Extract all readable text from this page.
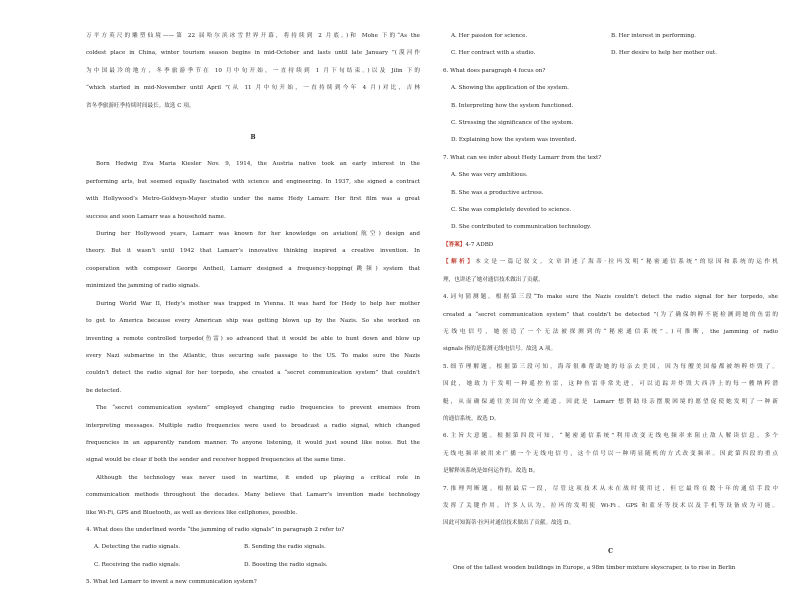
万平方英尺的雕塑仙境——第 22 届哈尔滨冰雪世界开幕，将持续到 2 月底。)和 Mohe 下的“As the
coldest place in China, winter tourism season begins in mid-October and lasts until late January ”(漠河作
为中国最冷的地方，冬季旅游季节在 10 月中旬开始，一直持续到 1 月下旬结束。)以及 Jilin 下的
“which started in mid-November until April ”(从 11 月中旬开始，一直持续到今年 4 月)对比，吉林
省冬季旅游旺季持续时间最长。故选 C 项。
B
Born Hedwig Eva Maria Kiesler Nov. 9, 1914, the Austria native took an early interest in the
performing arts, but seemed equally fascinated with science and engineering. In 1937, she signed a contract
with Hollywood’s Metro-Goldwyn-Mayer studio under the name Hedy Lamarr. Her first film was a great
success and soon Lamarr was a household name.
During her Hollywood years, Lamarr was known for her knowledge on aviation(航空) design and
theory. But it wasn’t until 1942 that Lamarr’s innovative thinking inspired a creative invention. In
cooperation with composer George Antheil, Lamarr designed a frequency-hopping(跳频) system that
minimized the jamming of radio signals.
During World War II, Hedy’s mother was trapped in Vienna. It was hard for Hedy to help her mother
to get to America because every American ship was getting blown up by the Nazis. So she worked on
inventing a remote controlled torpedo(鱼雷) so advanced that it would be able to hunt down and blow up
every Nazi submarine in the Atlantic, thus securing safe passage to the US. To make sure the Nazis
couldn’t detect the radio signal for her torpedo, she created a “secret communication system” that couldn’t
be detected.
The “secret communication system” employed changing radio frequencies to prevent enemies from
interpreting messages. Multiple radio frequencies were used to broadcast a radio signal, which changed
frequencies in an apparently random manner. To anyone listening, it would just sound like noise. But the
signal would be clear if both the sender and receiver hopped frequencies at the same time.
Although the technology was never used in wartime, it ended up playing a critical role in
communication methods throughout the decades. Many believe that Lamarr’s invention made technology
like Wi-Fi, GPS and Bluetooth, as well as devices like cellphones, possible.
4. What does the underlined words “the jamming of radio signals” in paragraph 2 refer to?
A. Detecting the radio signals.	B. Sending the radio signals.
C. Receiving the radio signals.	D. Boosting the radio signals.
5. What led Lamarr to invent a new communication system?
A. Her passion for science.	B. Her interest in performing.
C. Her contract with a studio.	D. Her desire to help her mother out.
6. What does paragraph 4 focus on?
A. Showing the application of the system.
B. Interpreting how the system functioned.
C. Stressing the significance of the system.
D. Explaining how the system was invented.
7. What can we infer about Hedy Lamarr from the text?
A. She was very ambitious.
B. She was a productive actress.
C. She was completely devoted to science.
D. She contributed to communication technology.
【答案】4-7 ADBD
【解析】本文是一篇记叙文。文章讲述了海蒂·拉玛发明“秘密通信系统”的原因和系统的运作机
理，也讲述了她对通信技术做出了贡献。
4.词句猜测题。根据第三段“To make sure the Nazis couldn’t detect the radio signal for her torpedo, she
created a “secret communication system” that couldn’t be detected ”(为了确保纳粹不能检测到她的鱼雷的
无线电信号，她创造了一个无法被探测到的“秘密通信系统”。)可推断，the jamming of radio
signals 指的是监测无线电信号。故选 A 项。
5.细节理解题。根据第三段可知，海蒂很难帮助她的母亲去美国，因为每艘美国船都被纳粹炸毁了。
因此，她致力于发明一种遥控鱼雷，这种鱼雷非常先进，可以追踪并炸毁大西洋上的每一艘纳粹潜
艇，从而确保通往美国的安全通道。因此是 Lamarr 想帮助母亲摆脱困境的愿望促使她发明了一种新
的通信系统。故选 D。
6.主旨大意题。根据第四段可知，“秘密通信系统”利用改变无线电频率来阻止敌人解读信息。多个
无线电频率被用来广播一个无线电信号，这个信号以一种明显随机的方式改变频率。因此第四段的重点
是解释该系统是如何运作的。故选 B。
7.推理判断题。根据最后一段，尽管这项技术从未在战时使用过，但它最终在数十年的通信手段中
发挥了关键作用。许多人认为，拉玛的发明使 Wi-Fi、GPS 和蓝牙等技术以及手机等设备成为可能。
因此可知海蒂·拉玛对通信技术做出了贡献。故选 D。
C
One of the tallest wooden buildings in Europe, a 98m timber mixture skyscraper, is to rise in Berlin
